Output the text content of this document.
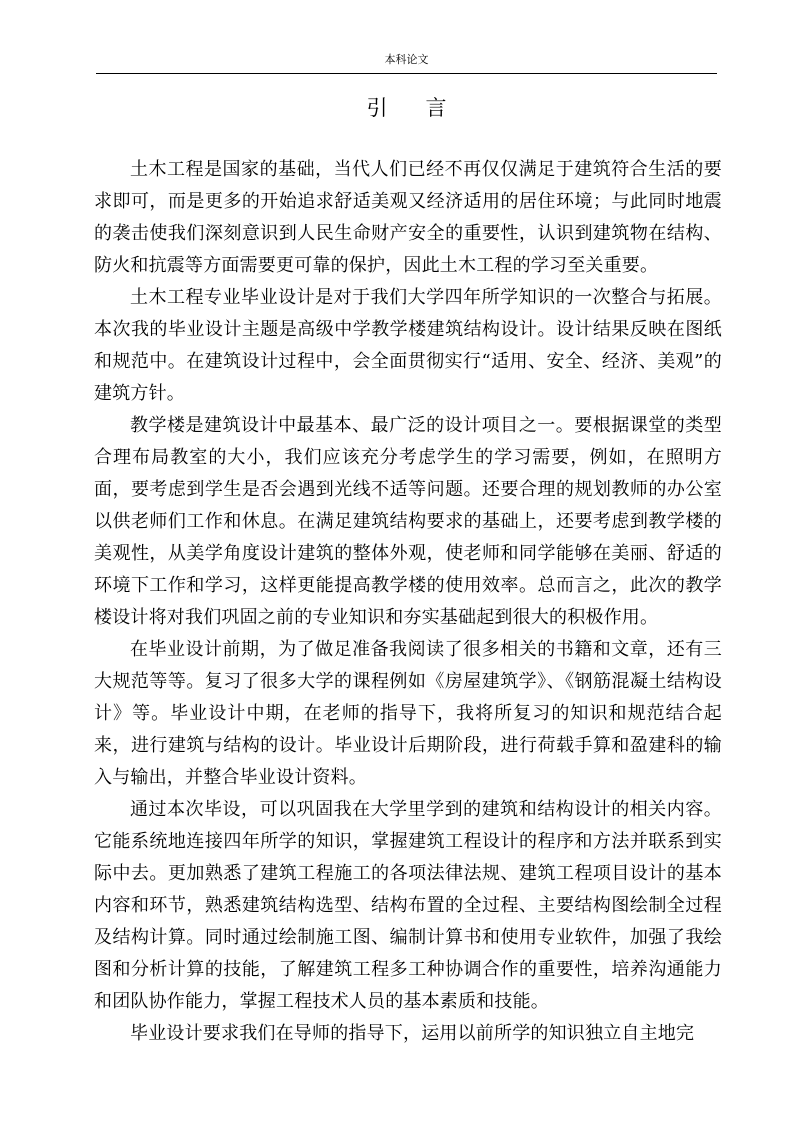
本科论文
引言

土木工程是国家的基础，当代人们已经不再仅仅满足于建筑符合生活的要求即可，而是更多的开始追求舒适美观又经济适用的居住环境；与此同时地震的袭击使我们深刻意识到人民生命财产安全的重要性，认识到建筑物在结构、防火和抗震等方面需要更可靠的保护，因此土木工程的学习至关重要。

土木工程专业毕业设计是对于我们大学四年所学知识的一次整合与拓展。本次我的毕业设计主题是高级中学教学楼建筑结构设计。设计结果反映在图纸和规范中。在建筑设计过程中，会全面贯彻实行“适用、安全、经济、美观”的建筑方针。

教学楼是建筑设计中最基本、最广泛的设计项目之一。要根据课堂的类型合理布局教室的大小，我们应该充分考虑学生的学习需要，例如，在照明方面，要考虑到学生是否会遇到光线不适等问题。还要合理的规划教师的办公室以供老师们工作和休息。在满足建筑结构要求的基础上，还要考虑到教学楼的美观性，从美学角度设计建筑的整体外观，使老师和同学能够在美丽、舒适的环境下工作和学习，这样更能提高教学楼的使用效率。总而言之，此次的教学楼设计将对我们巩固之前的专业知识和夯实基础起到很大的积极作用。

在毕业设计前期，为了做足准备我阅读了很多相关的书籍和文章，还有三大规范等等。复习了很多大学的课程例如《房屋建筑学》、《钢筋混凝土结构设计》等。毕业设计中期，在老师的指导下，我将所复习的知识和规范结合起来，进行建筑与结构的设计。毕业设计后期阶段，进行荷载手算和盈建科的输入与输出，并整合毕业设计资料。

通过本次毕设，可以巩固我在大学里学到的建筑和结构设计的相关内容。它能系统地连接四年所学的知识，掌握建筑工程设计的程序和方法并联系到实际中去。更加熟悉了建筑工程施工的各项法律法规、建筑工程项目设计的基本内容和环节，熟悉建筑结构选型、结构布置的全过程、主要结构图绘制全过程及结构计算。同时通过绘制施工图、编制计算书和使用专业软件，加强了我绘图和分析计算的技能，了解建筑工程多工种协调合作的重要性，培养沟通能力和团队协作能力，掌握工程技术人员的基本素质和技能。

毕业设计要求我们在导师的指导下，运用以前所学的知识独立自主地完
